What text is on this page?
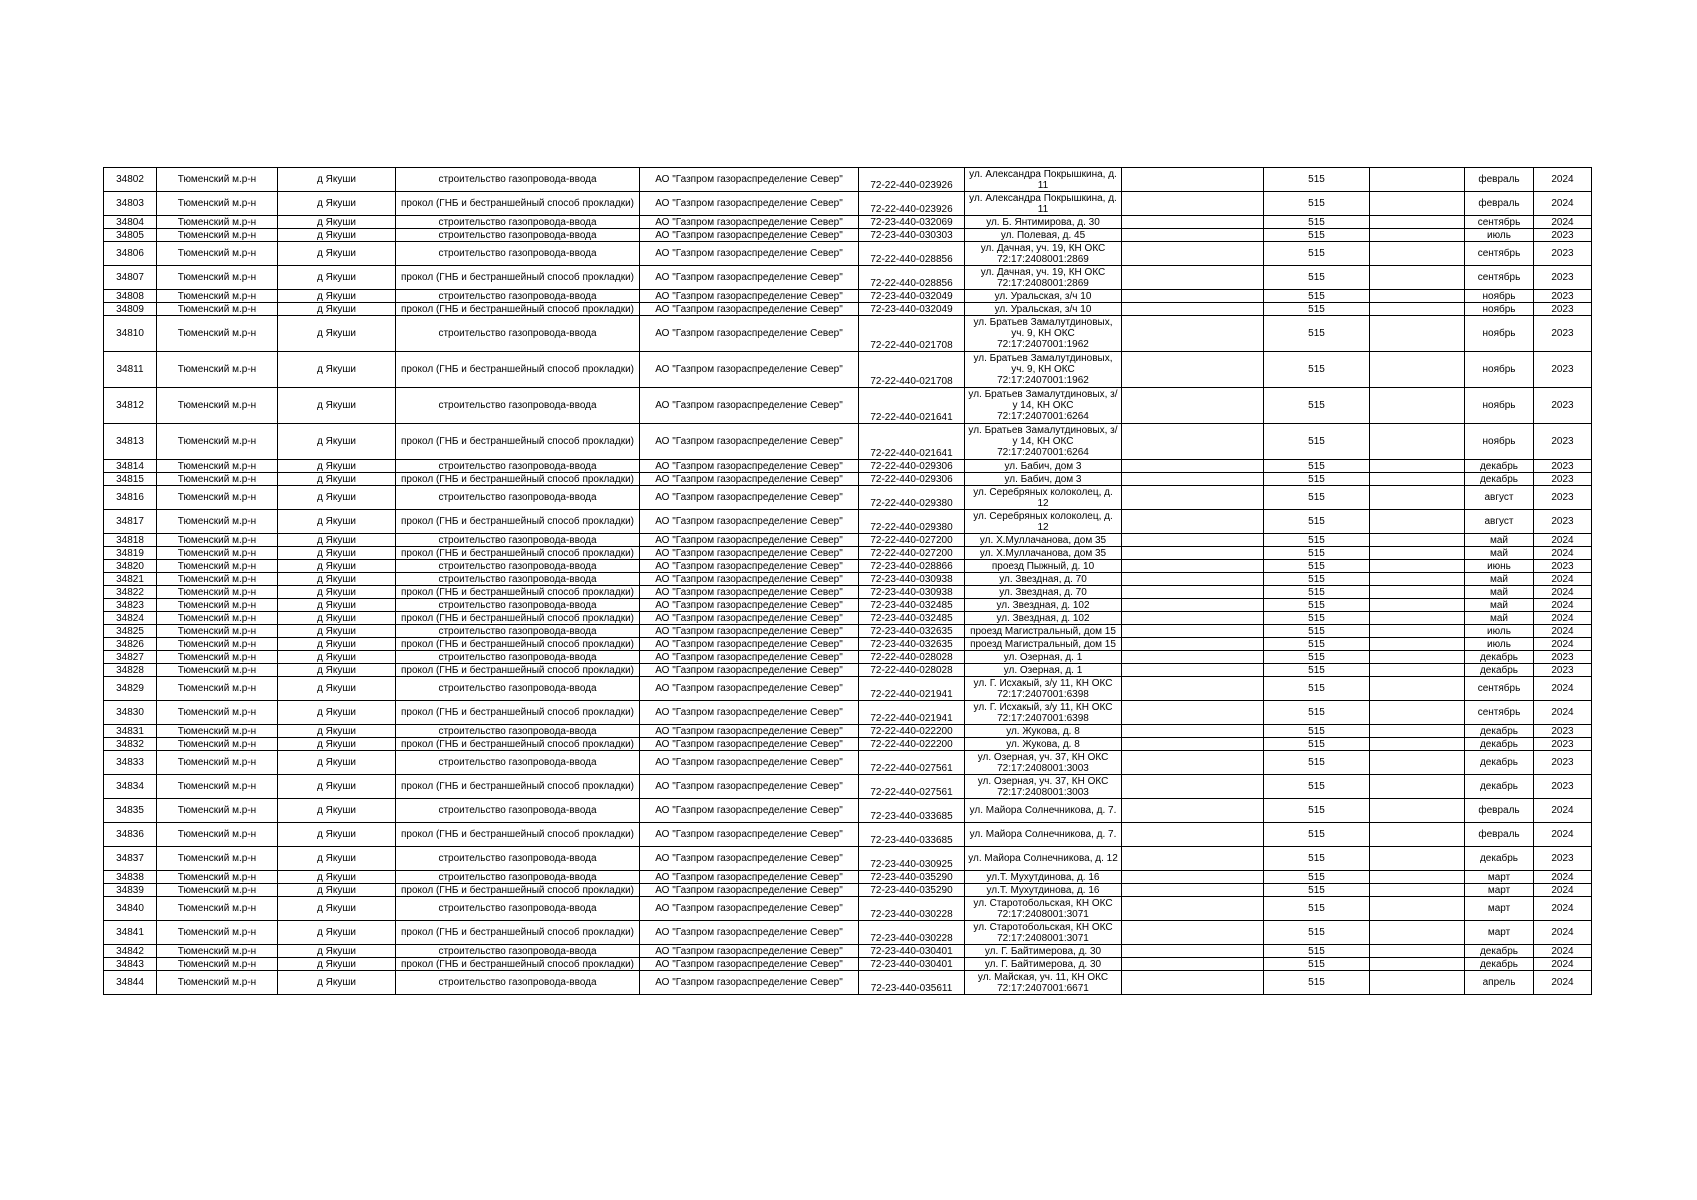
34802	Тюменский м.р-н	д Якуши	строительство газопровода-ввода	АО "Газпром газораспределение Север"	72-22-440-023926	ул. Александра Покрышкина, д. 11		515		февраль	2024
34803	Тюменский м.р-н	д Якуши	прокол (ГНБ и бестраншейный способ прокладки)	АО "Газпром газораспределение Север"	72-22-440-023926	ул. Александра Покрышкина, д. 11		515		февраль	2024
34804	Тюменский м.р-н	д Якуши	строительство газопровода-ввода	АО "Газпром газораспределение Север"	72-23-440-032069	ул. Б. Янтимирова, д. 30		515		сентябрь	2024
34805	Тюменский м.р-н	д Якуши	строительство газопровода-ввода	АО "Газпром газораспределение Север"	72-23-440-030303	ул. Полевая, д. 45		515		июль	2023
34806	Тюменский м.р-н	д Якуши	строительство газопровода-ввода	АО "Газпром газораспределение Север"	72-22-440-028856	ул. Дачная, уч. 19, КН ОКС 72:17:2408001:2869		515		сентябрь	2023
34807	Тюменский м.р-н	д Якуши	прокол (ГНБ и бестраншейный способ прокладки)	АО "Газпром газораспределение Север"	72-22-440-028856	ул. Дачная, уч. 19, КН ОКС 72:17:2408001:2869		515		сентябрь	2023
34808	Тюменский м.р-н	д Якуши	строительство газопровода-ввода	АО "Газпром газораспределение Север"	72-23-440-032049	ул. Уральская, з/ч 10		515		ноябрь	2023
34809	Тюменский м.р-н	д Якуши	прокол (ГНБ и бестраншейный способ прокладки)	АО "Газпром газораспределение Север"	72-23-440-032049	ул. Уральская, з/ч 10		515		ноябрь	2023
34810	Тюменский м.р-н	д Якуши	строительство газопровода-ввода	АО "Газпром газораспределение Север"	72-22-440-021708	ул. Братьев Замалутдиновых, уч. 9, КН ОКС 72:17:2407001:1962		515		ноябрь	2023
34811	Тюменский м.р-н	д Якуши	прокол (ГНБ и бестраншейный способ прокладки)	АО "Газпром газораспределение Север"	72-22-440-021708	ул. Братьев Замалутдиновых, уч. 9, КН ОКС 72:17:2407001:1962		515		ноябрь	2023
34812	Тюменский м.р-н	д Якуши	строительство газопровода-ввода	АО "Газпром газораспределение Север"	72-22-440-021641	ул. Братьев Замалутдиновых, з/у 14, КН ОКС 72:17:2407001:6264		515		ноябрь	2023
34813	Тюменский м.р-н	д Якуши	прокол (ГНБ и бестраншейный способ прокладки)	АО "Газпром газораспределение Север"	72-22-440-021641	ул. Братьев Замалутдиновых, з/у 14, КН ОКС 72:17:2407001:6264		515		ноябрь	2023
34814	Тюменский м.р-н	д Якуши	строительство газопровода-ввода	АО "Газпром газораспределение Север"	72-22-440-029306	ул. Бабич, дом 3		515		декабрь	2023
34815	Тюменский м.р-н	д Якуши	прокол (ГНБ и бестраншейный способ прокладки)	АО "Газпром газораспределение Север"	72-22-440-029306	ул. Бабич, дом 3		515		декабрь	2023
34816	Тюменский м.р-н	д Якуши	строительство газопровода-ввода	АО "Газпром газораспределение Север"	72-22-440-029380	ул. Серебряных колоколец, д. 12		515		август	2023
34817	Тюменский м.р-н	д Якуши	прокол (ГНБ и бестраншейный способ прокладки)	АО "Газпром газораспределение Север"	72-22-440-029380	ул. Серебряных колоколец, д. 12		515		август	2023
34818	Тюменский м.р-н	д Якуши	строительство газопровода-ввода	АО "Газпром газораспределение Север"	72-22-440-027200	ул. Х.Муллачанова, дом 35		515		май	2024
34819	Тюменский м.р-н	д Якуши	прокол (ГНБ и бестраншейный способ прокладки)	АО "Газпром газораспределение Север"	72-22-440-027200	ул. Х.Муллачанова, дом 35		515		май	2024
34820	Тюменский м.р-н	д Якуши	строительство газопровода-ввода	АО "Газпром газораспределение Север"	72-23-440-028866	проезд Пыжный, д. 10		515		июнь	2023
34821	Тюменский м.р-н	д Якуши	строительство газопровода-ввода	АО "Газпром газораспределение Север"	72-23-440-030938	ул. Звездная, д. 70		515		май	2024
34822	Тюменский м.р-н	д Якуши	прокол (ГНБ и бестраншейный способ прокладки)	АО "Газпром газораспределение Север"	72-23-440-030938	ул. Звездная, д. 70		515		май	2024
34823	Тюменский м.р-н	д Якуши	строительство газопровода-ввода	АО "Газпром газораспределение Север"	72-23-440-032485	ул. Звездная, д. 102		515		май	2024
34824	Тюменский м.р-н	д Якуши	прокол (ГНБ и бестраншейный способ прокладки)	АО "Газпром газораспределение Север"	72-23-440-032485	ул. Звездная, д. 102		515		май	2024
34825	Тюменский м.р-н	д Якуши	строительство газопровода-ввода	АО "Газпром газораспределение Север"	72-23-440-032635	проезд Магистральный, дом 15		515		июль	2024
34826	Тюменский м.р-н	д Якуши	прокол (ГНБ и бестраншейный способ прокладки)	АО "Газпром газораспределение Север"	72-23-440-032635	проезд Магистральный, дом 15		515		июль	2024
34827	Тюменский м.р-н	д Якуши	строительство газопровода-ввода	АО "Газпром газораспределение Север"	72-22-440-028028	ул. Озерная, д. 1		515		декабрь	2023
34828	Тюменский м.р-н	д Якуши	прокол (ГНБ и бестраншейный способ прокладки)	АО "Газпром газораспределение Север"	72-22-440-028028	ул. Озерная, д. 1		515		декабрь	2023
34829	Тюменский м.р-н	д Якуши	строительство газопровода-ввода	АО "Газпром газораспределение Север"	72-22-440-021941	ул. Г. Исхакый, з/у 11, КН ОКС 72:17:2407001:6398		515		сентябрь	2024
34830	Тюменский м.р-н	д Якуши	прокол (ГНБ и бестраншейный способ прокладки)	АО "Газпром газораспределение Север"	72-22-440-021941	ул. Г. Исхакый, з/у 11, КН ОКС 72:17:2407001:6398		515		сентябрь	2024
34831	Тюменский м.р-н	д Якуши	строительство газопровода-ввода	АО "Газпром газораспределение Север"	72-22-440-022200	ул. Жукова, д. 8		515		декабрь	2023
34832	Тюменский м.р-н	д Якуши	прокол (ГНБ и бестраншейный способ прокладки)	АО "Газпром газораспределение Север"	72-22-440-022200	ул. Жукова, д. 8		515		декабрь	2023
34833	Тюменский м.р-н	д Якуши	строительство газопровода-ввода	АО "Газпром газораспределение Север"	72-22-440-027561	ул. Озерная, уч. 37, КН ОКС 72:17:2408001:3003		515		декабрь	2023
34834	Тюменский м.р-н	д Якуши	прокол (ГНБ и бестраншейный способ прокладки)	АО "Газпром газораспределение Север"	72-22-440-027561	ул. Озерная, уч. 37, КН ОКС 72:17:2408001:3003		515		декабрь	2023
34835	Тюменский м.р-н	д Якуши	строительство газопровода-ввода	АО "Газпром газораспределение Север"	72-23-440-033685	ул. Майора Солнечникова, д. 7.		515		февраль	2024
34836	Тюменский м.р-н	д Якуши	прокол (ГНБ и бестраншейный способ прокладки)	АО "Газпром газораспределение Север"	72-23-440-033685	ул. Майора Солнечникова, д. 7.		515		февраль	2024
34837	Тюменский м.р-н	д Якуши	строительство газопровода-ввода	АО "Газпром газораспределение Север"	72-23-440-030925	ул. Майора Солнечникова, д. 12		515		декабрь	2023
34838	Тюменский м.р-н	д Якуши	строительство газопровода-ввода	АО "Газпром газораспределение Север"	72-23-440-035290	ул.Т. Мухутдинова, д. 16		515		март	2024
34839	Тюменский м.р-н	д Якуши	прокол (ГНБ и бестраншейный способ прокладки)	АО "Газпром газораспределение Север"	72-23-440-035290	ул.Т. Мухутдинова, д. 16		515		март	2024
34840	Тюменский м.р-н	д Якуши	строительство газопровода-ввода	АО "Газпром газораспределение Север"	72-23-440-030228	ул. Старотобольская, КН ОКС 72:17:2408001:3071		515		март	2024
34841	Тюменский м.р-н	д Якуши	прокол (ГНБ и бестраншейный способ прокладки)	АО "Газпром газораспределение Север"	72-23-440-030228	ул. Старотобольская, КН ОКС 72:17:2408001:3071		515		март	2024
34842	Тюменский м.р-н	д Якуши	строительство газопровода-ввода	АО "Газпром газораспределение Север"	72-23-440-030401	ул. Г. Байтимерова, д. 30		515		декабрь	2024
34843	Тюменский м.р-н	д Якуши	прокол (ГНБ и бестраншейный способ прокладки)	АО "Газпром газораспределение Север"	72-23-440-030401	ул. Г. Байтимерова, д. 30		515		декабрь	2024
34844	Тюменский м.р-н	д Якуши	строительство газопровода-ввода	АО "Газпром газораспределение Север"	72-23-440-035611	ул. Майская, уч. 11, КН ОКС 72:17:2407001:6671		515		апрель	2024
